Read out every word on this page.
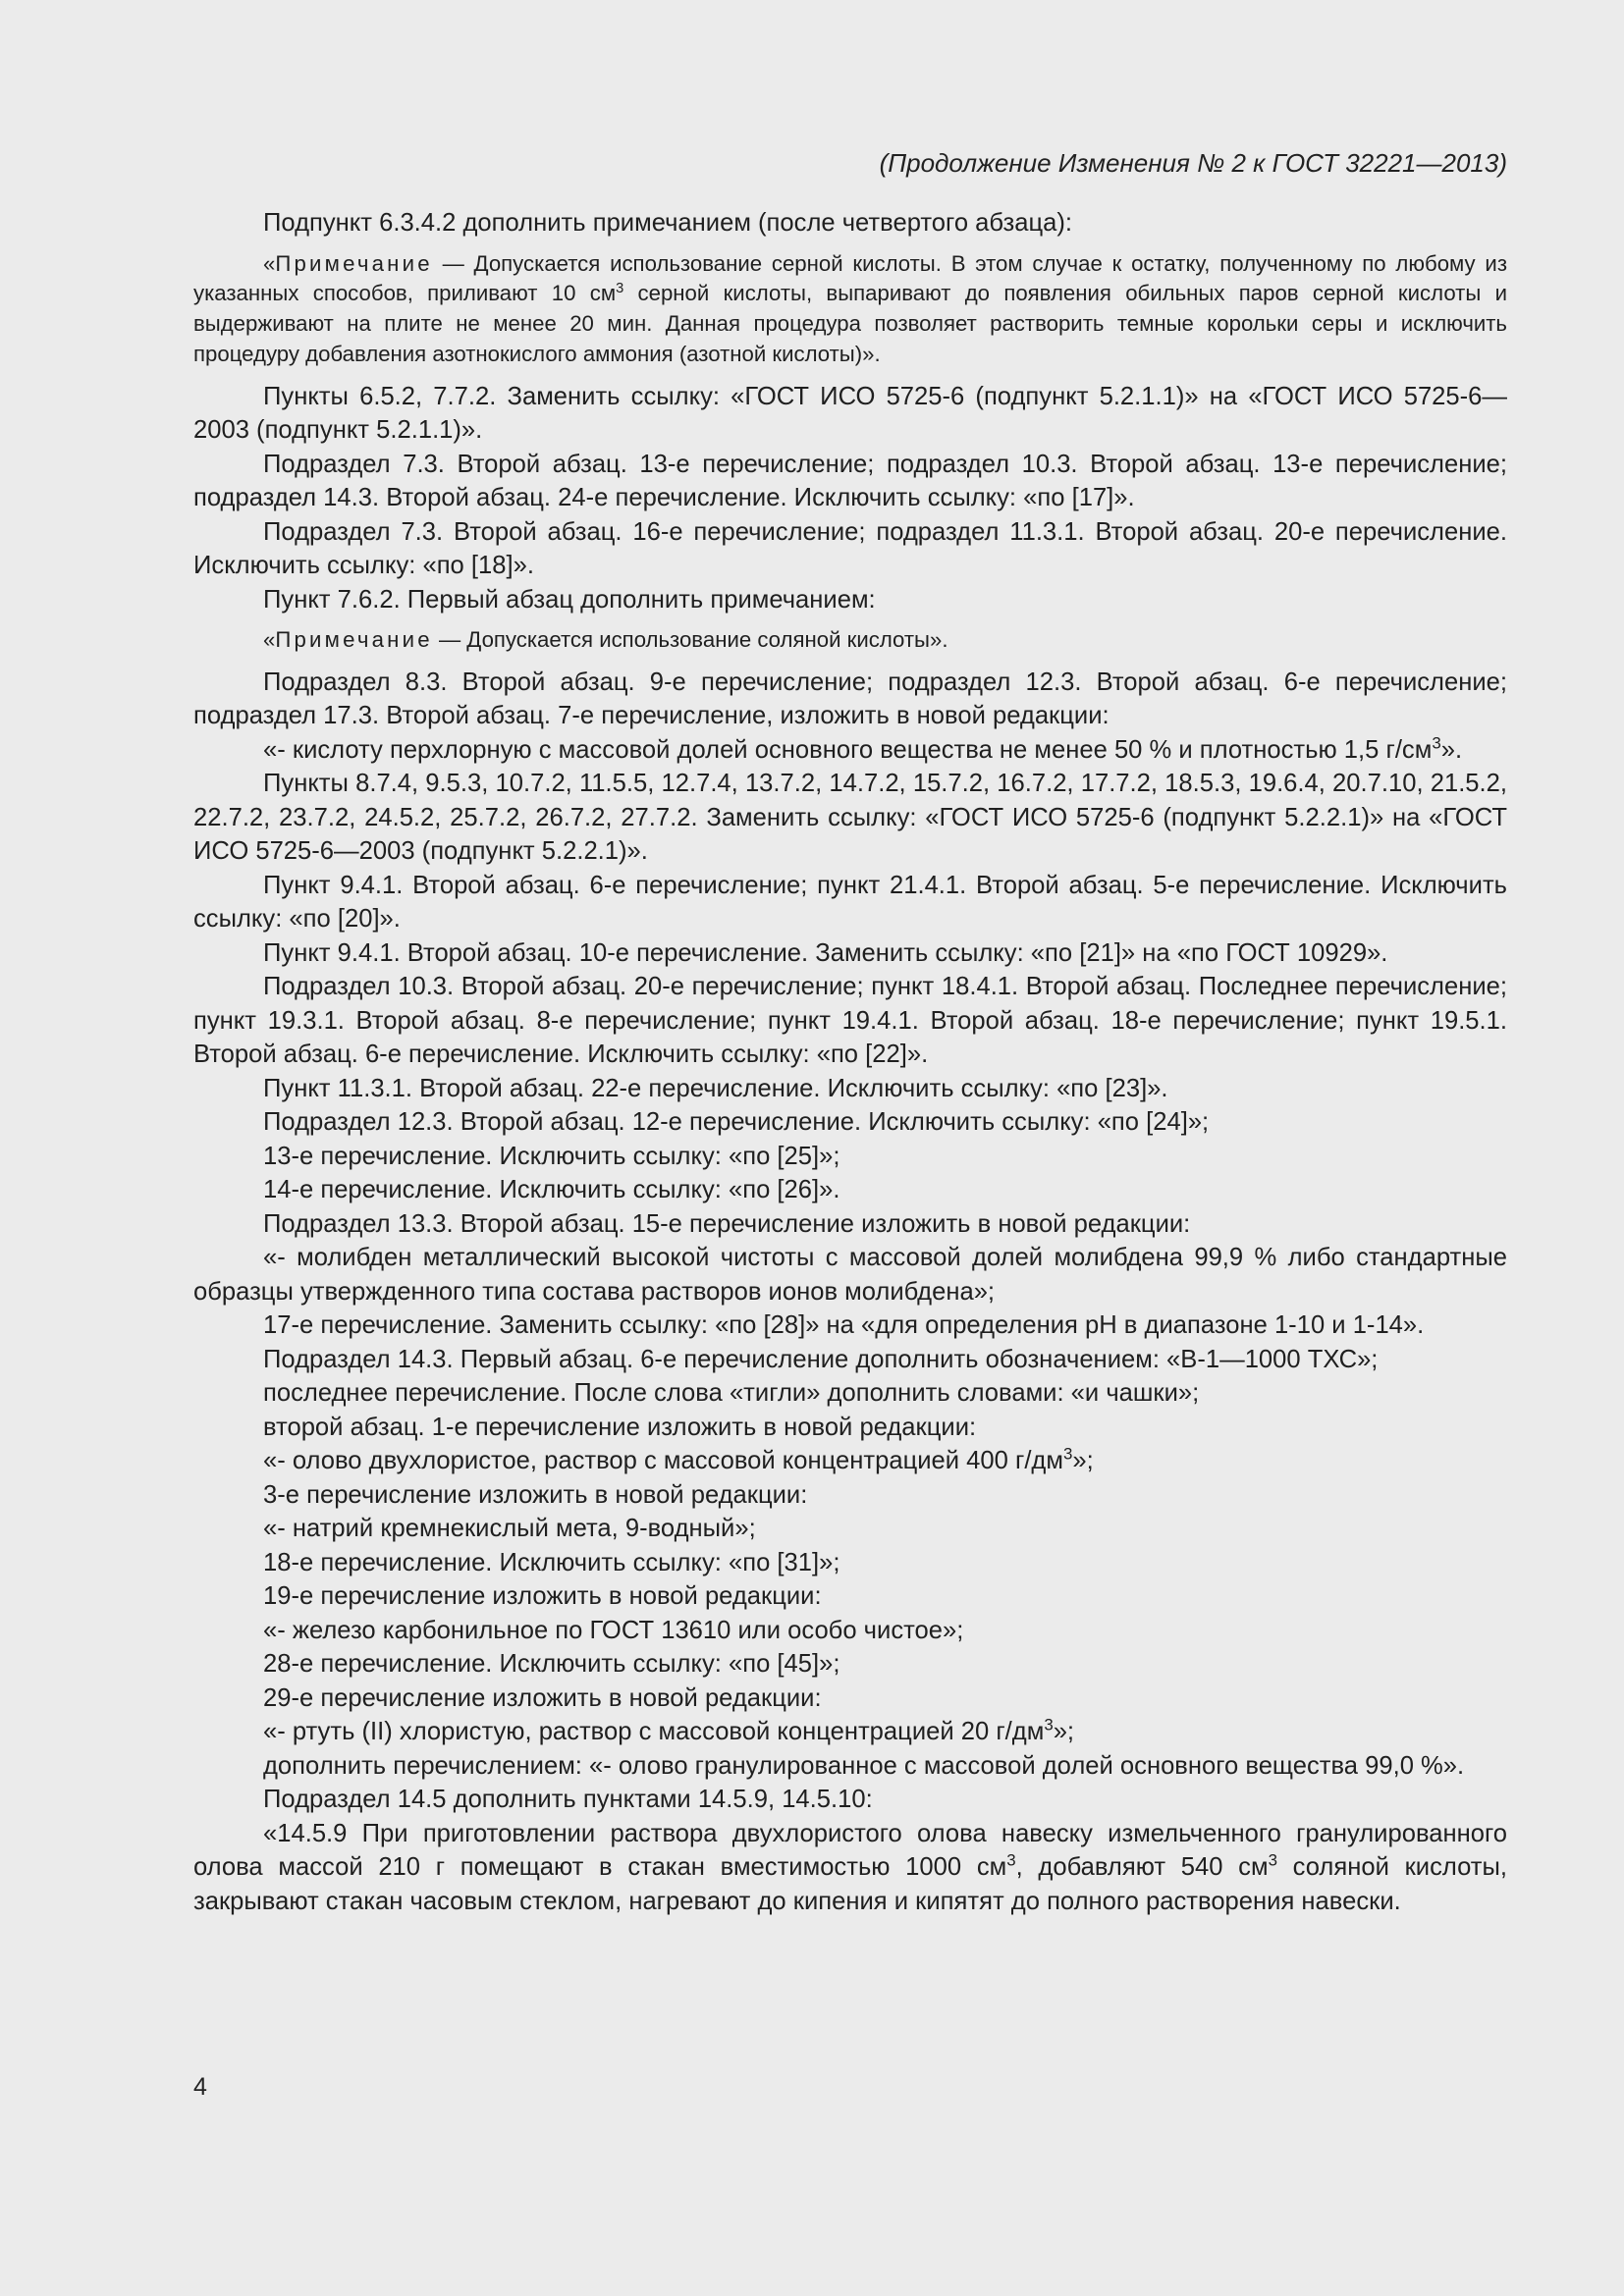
(Продолжение Изменения № 2 к ГОСТ 32221—2013)

Подпункт 6.3.4.2 дополнить примечанием (после четвертого абзаца):

«Примечание — Допускается использование серной кислоты. В этом случае к остатку, полученному по любому из указанных способов, приливают 10 $см^3$ серной кислоты, выпаривают до появления обильных паров серной кислоты и выдерживают на плите не менее 20 мин. Данная процедура позволяет растворить темные корольки серы и исключить процедуру добавления азотнокислого аммония (азотной кислоты)».

Пункты 6.5.2, 7.7.2. Заменить ссылку: «ГОСТ ИСО 5725-6 (подпункт 5.2.1.1)» на «ГОСТ ИСО 5725-6—2003 (подпункт 5.2.1.1)».

Подраздел 7.3. Второй абзац. 13-е перечисление; подраздел 10.3. Второй абзац. 13-е перечисление; подраздел 14.3. Второй абзац. 24-е перечисление. Исключить ссылку: «по [17]».

Подраздел 7.3. Второй абзац. 16-е перечисление; подраздел 11.3.1. Второй абзац. 20-е перечисление. Исключить ссылку: «по [18]».

Пункт 7.6.2. Первый абзац дополнить примечанием:

«Примечание — Допускается использование соляной кислоты».

Подраздел 8.3. Второй абзац. 9-е перечисление; подраздел 12.3. Второй абзац. 6-е перечисление; подраздел 17.3. Второй абзац. 7-е перечисление, изложить в новой редакции:

«- кислоту перхлорную с массовой долей основного вещества не менее 50 % и плотностью 1,5 $г/см^3$».

Пункты 8.7.4, 9.5.3, 10.7.2, 11.5.5, 12.7.4, 13.7.2, 14.7.2, 15.7.2, 16.7.2, 17.7.2, 18.5.3, 19.6.4, 20.7.10, 21.5.2, 22.7.2, 23.7.2, 24.5.2, 25.7.2, 26.7.2, 27.7.2. Заменить ссылку: «ГОСТ ИСО 5725-6 (подпункт 5.2.2.1)» на «ГОСТ ИСО 5725-6—2003 (подпункт 5.2.2.1)».

Пункт 9.4.1. Второй абзац. 6-е перечисление; пункт 21.4.1. Второй абзац. 5-е перечисление. Исключить ссылку: «по [20]».

Пункт 9.4.1. Второй абзац. 10-е перечисление. Заменить ссылку: «по [21]» на «по ГОСТ 10929».

Подраздел 10.3. Второй абзац. 20-е перечисление; пункт 18.4.1. Второй абзац. Последнее перечисление; пункт 19.3.1. Второй абзац. 8-е перечисление; пункт 19.4.1. Второй абзац. 18-е перечисление; пункт 19.5.1. Второй абзац. 6-е перечисление. Исключить ссылку: «по [22]».

Пункт 11.3.1. Второй абзац. 22-е перечисление. Исключить ссылку: «по [23]».

Подраздел 12.3. Второй абзац. 12-е перечисление. Исключить ссылку: «по [24]»;

13-е перечисление. Исключить ссылку: «по [25]»;

14-е перечисление. Исключить ссылку: «по [26]».

Подраздел 13.3. Второй абзац. 15-е перечисление изложить в новой редакции:

«- молибден металлический высокой чистоты с массовой долей молибдена 99,9 % либо стандартные образцы утвержденного типа состава растворов ионов молибдена»;

17-е перечисление. Заменить ссылку: «по [28]» на «для определения pH в диапазоне 1-10 и 1-14».

Подраздел 14.3. Первый абзац. 6-е перечисление дополнить обозначением: «В-1—1000 ТХС»;

последнее перечисление. После слова «тигли» дополнить словами: «и чашки»;

второй абзац. 1-е перечисление изложить в новой редакции:

«- олово двухлористое, раствор с массовой концентрацией 400 $г/дм^3$»;

3-е перечисление изложить в новой редакции:

«- натрий кремнекислый мета, 9-водный»;

18-е перечисление. Исключить ссылку: «по [31]»;

19-е перечисление изложить в новой редакции:

«- железо карбонильное по ГОСТ 13610 или особо чистое»;

28-е перечисление. Исключить ссылку: «по [45]»;

29-е перечисление изложить в новой редакции:

«- ртуть (II) хлористую, раствор с массовой концентрацией 20 $г/дм^3$»;

дополнить перечислением: «- олово гранулированное с массовой долей основного вещества 99,0 %».

Подраздел 14.5 дополнить пунктами 14.5.9, 14.5.10:

«14.5.9 При приготовлении раствора двухлористого олова навеску измельченного гранулированного олова массой 210 г помещают в стакан вместимостью 1000 $см^3$, добавляют 540 $см^3$ соляной кислоты, закрывают стакан часовым стеклом, нагревают до кипения и кипятят до полного растворения навески.

4
